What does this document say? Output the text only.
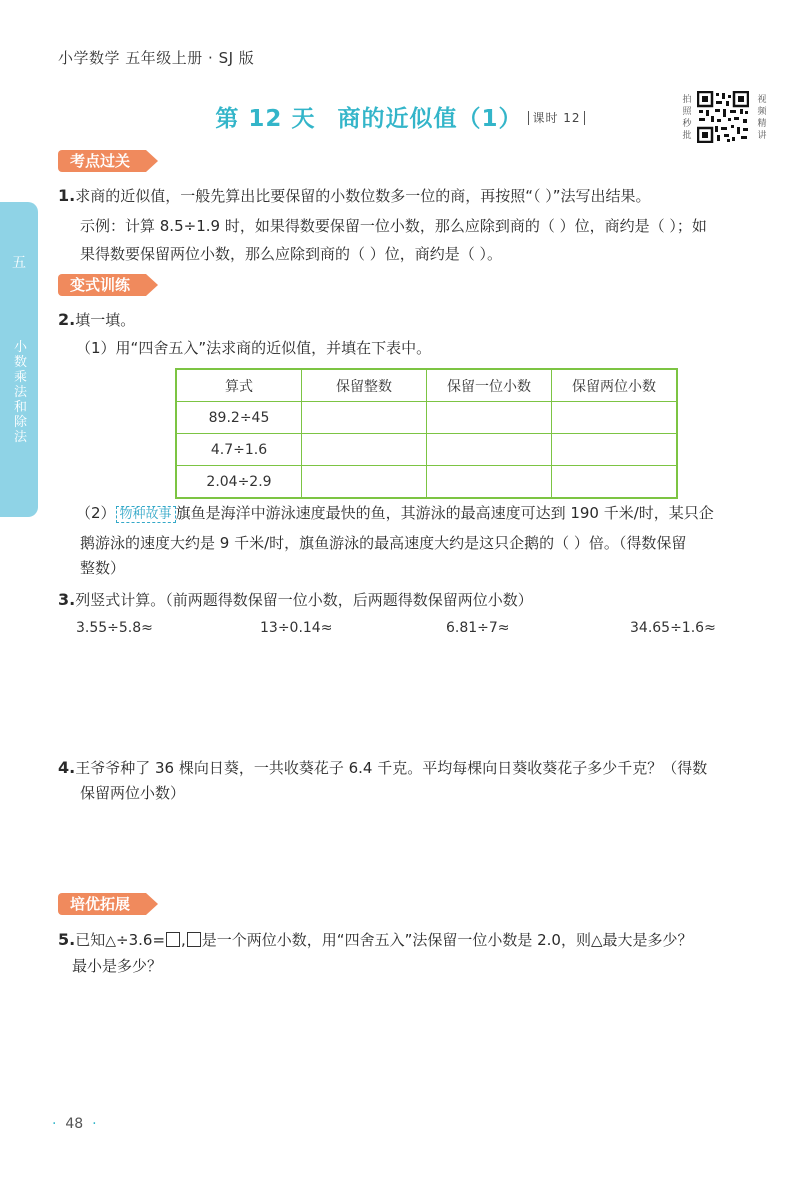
小学数学 五年级上册 · SJ 版
第 12 天 商的近似值（1） 课时 12
拍照秒批
视频精讲
五
小数乘法和除法
考点过关
1.求商的近似值，一般先算出比要保留的小数位数多一位的商，再按照“（ ）”法写出结果。
示例：计算 8.5÷1.9 时，如果得数要保留一位小数，那么应除到商的（ ）位，商约是（ ）；如
果得数要保留两位小数，那么应除到商的（ ）位，商约是（ ）。
变式训练
2.填一填。
（1）用“四舍五入”法求商的近似值，并填在下表中。
算式	保留整数	保留一位小数	保留两位小数
89.2÷45			
4.7÷1.6			
2.04÷2.9			
（2） 物种故事 旗鱼是海洋中游泳速度最快的鱼，其游泳的最高速度可达到 190 千米/时，某只企
鹅游泳的速度大约是 9 千米/时，旗鱼游泳的最高速度大约是这只企鹅的（ ）倍。（得数保留
整数）
3.列竖式计算。（前两题得数保留一位小数，后两题得数保留两位小数）
3.55÷5.8≈	13÷0.14≈	6.81÷7≈	34.65÷1.6≈
4.王爷爷种了 36 棵向日葵，一共收葵花子 6.4 千克。平均每棵向日葵收葵花子多少千克？（得数
保留两位小数）
培优拓展
5.已知△÷3.6= , 是一个两位小数，用“四舍五入”法保留一位小数是 2.0，则△最大是多少？
最小是多少？
· 48 ·
